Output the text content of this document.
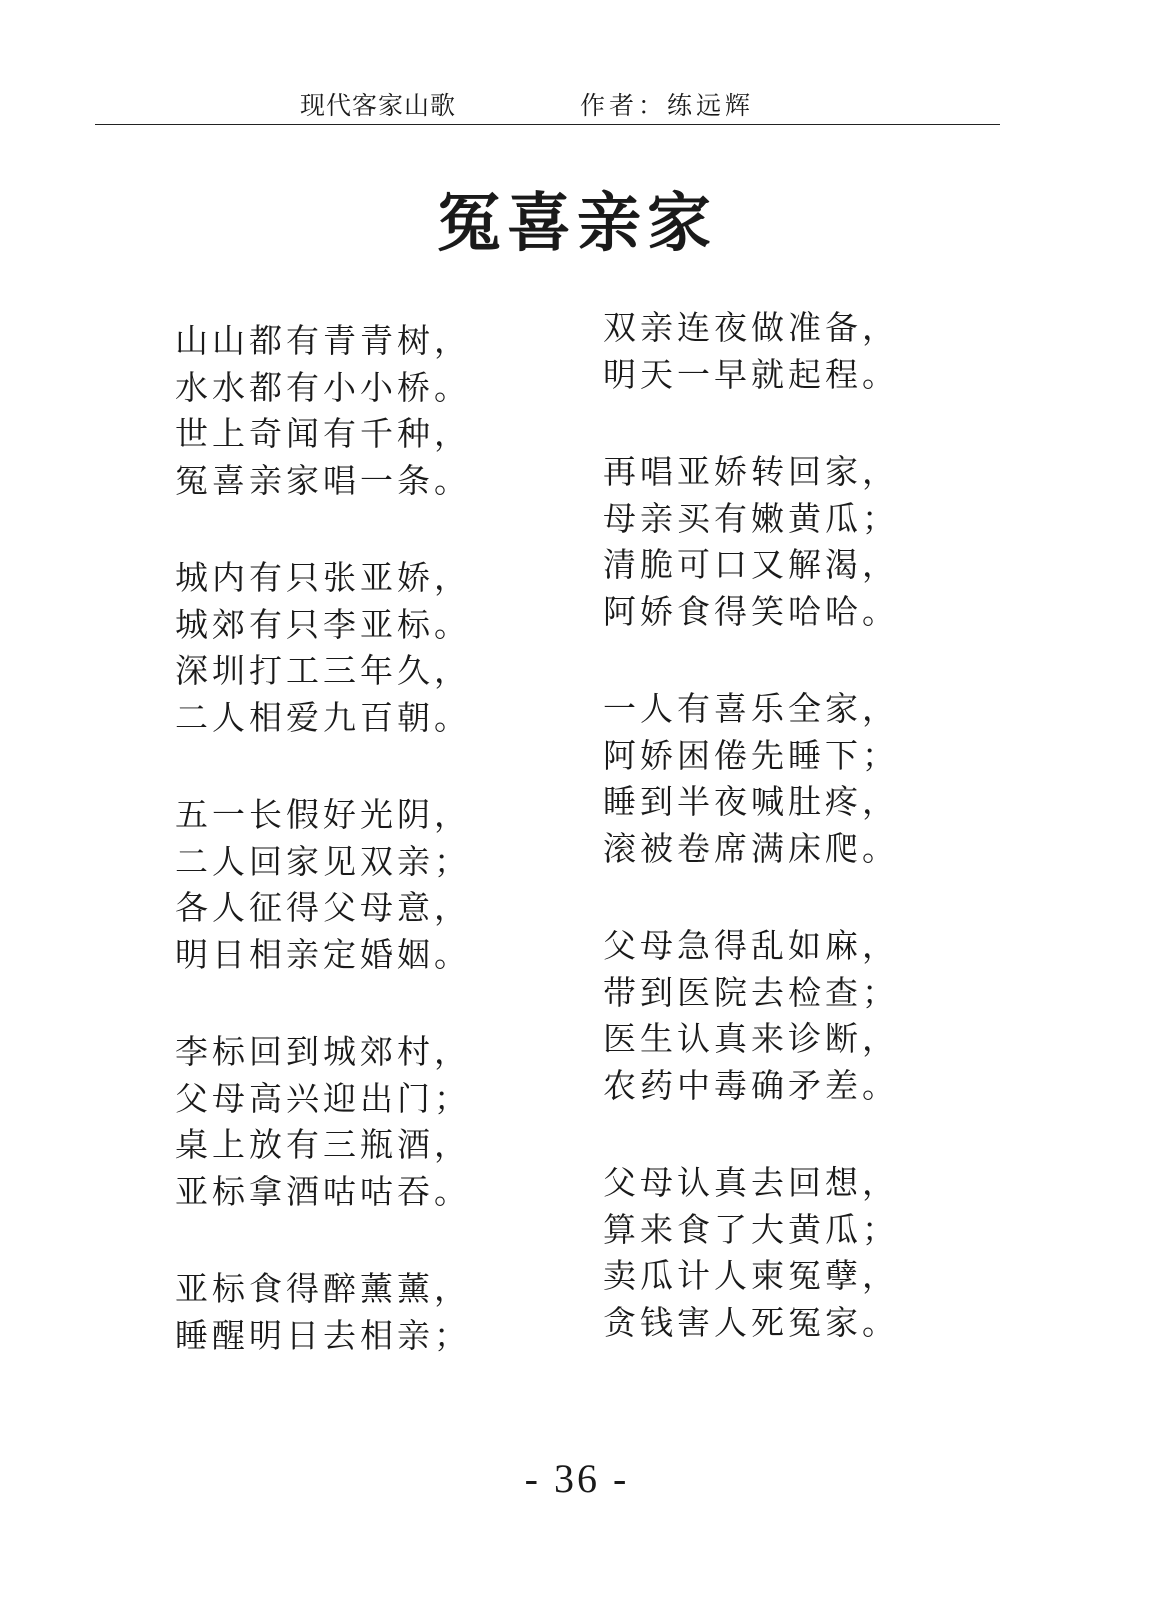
现代客家山歌	作者：练远辉
冤喜亲家
山山都有青青树，
水水都有小小桥。
世上奇闻有千种，
冤喜亲家唱一条。
城内有只张亚娇，
城郊有只李亚标。
深圳打工三年久，
二人相爱九百朝。
五一长假好光阴，
二人回家见双亲；
各人征得父母意，
明日相亲定婚姻。
李标回到城郊村，
父母高兴迎出门；
桌上放有三瓶酒，
亚标拿酒咕咕吞。
亚标食得醉薰薰，
睡醒明日去相亲；
双亲连夜做准备，
明天一早就起程。
再唱亚娇转回家，
母亲买有嫩黄瓜；
清脆可口又解渴，
阿娇食得笑哈哈。
一人有喜乐全家，
阿娇困倦先睡下；
睡到半夜喊肚疼，
滚被卷席满床爬。
父母急得乱如麻，
带到医院去检查；
医生认真来诊断，
农药中毒确矛差。
父母认真去回想，
算来食了大黄瓜；
卖瓜计人柬冤孽，
贪钱害人死冤家。
- 36 -
